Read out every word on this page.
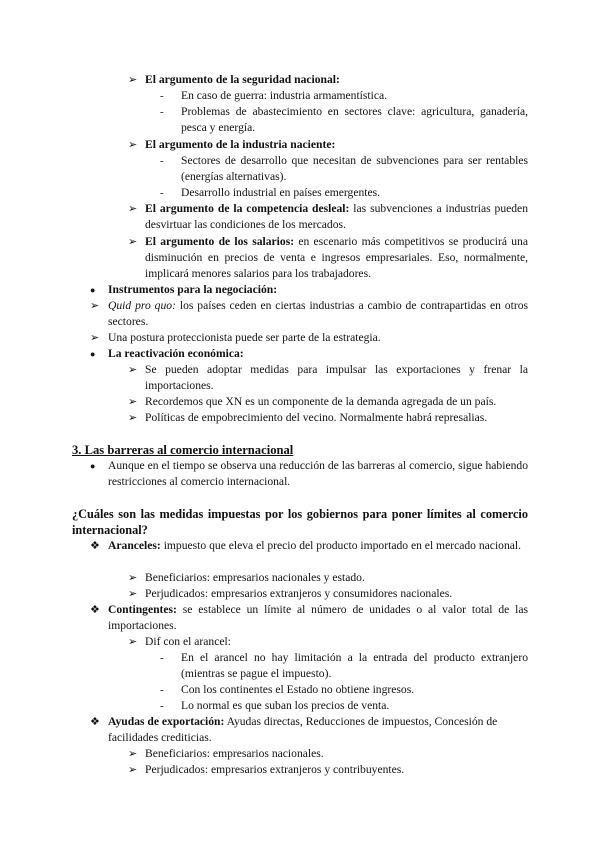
➢ El argumento de la seguridad nacional:
- En caso de guerra: industria armamentística.
- Problemas de abastecimiento en sectores clave: agricultura, ganadería, pesca y energía.
➢ El argumento de la industria naciente:
- Sectores de desarrollo que necesitan de subvenciones para ser rentables (energías alternativas).
- Desarrollo industrial en países emergentes.
➢ El argumento de la competencia desleal: las subvenciones a industrias pueden desvirtuar las condiciones de los mercados.
➢ El argumento de los salarios: en escenario más competitivos se producirá una disminución en precios de venta e ingresos empresariales. Eso, normalmente, implicará menores salarios para los trabajadores.
● Instrumentos para la negociación:
➢ Quid pro quo: los países ceden en ciertas industrias a cambio de contrapartidas en otros sectores.
➢ Una postura proteccionista puede ser parte de la estrategia.
● La reactivación económica:
➢ Se pueden adoptar medidas para impulsar las exportaciones y frenar la importaciones.
➢ Recordemos que XN es un componente de la demanda agregada de un país.
➢ Políticas de empobrecimiento del vecino. Normalmente habrá represalias.
3. Las barreras al comercio internacional
● Aunque en el tiempo se observa una reducción de las barreras al comercio, sigue habiendo restricciones al comercio internacional.
¿Cuáles son las medidas impuestas por los gobiernos para poner límites al comercio internacional?
❖ Aranceles: impuesto que eleva el precio del producto importado en el mercado nacional.
➢ Beneficiarios: empresarios nacionales y estado.
➢ Perjudicados: empresarios extranjeros y consumidores nacionales.
❖ Contingentes: se establece un límite al número de unidades o al valor total de las importaciones.
➢ Dif con el arancel:
- En el arancel no hay limitación a la entrada del producto extranjero (mientras se pague el impuesto).
- Con los continentes el Estado no obtiene ingresos.
- Lo normal es que suban los precios de venta.
❖ Ayudas de exportación: Ayudas directas, Reducciones de impuestos, Concesión de facilidades crediticias.
➢ Beneficiarios: empresarios nacionales.
➢ Perjudicados: empresarios extranjeros y contribuyentes.
